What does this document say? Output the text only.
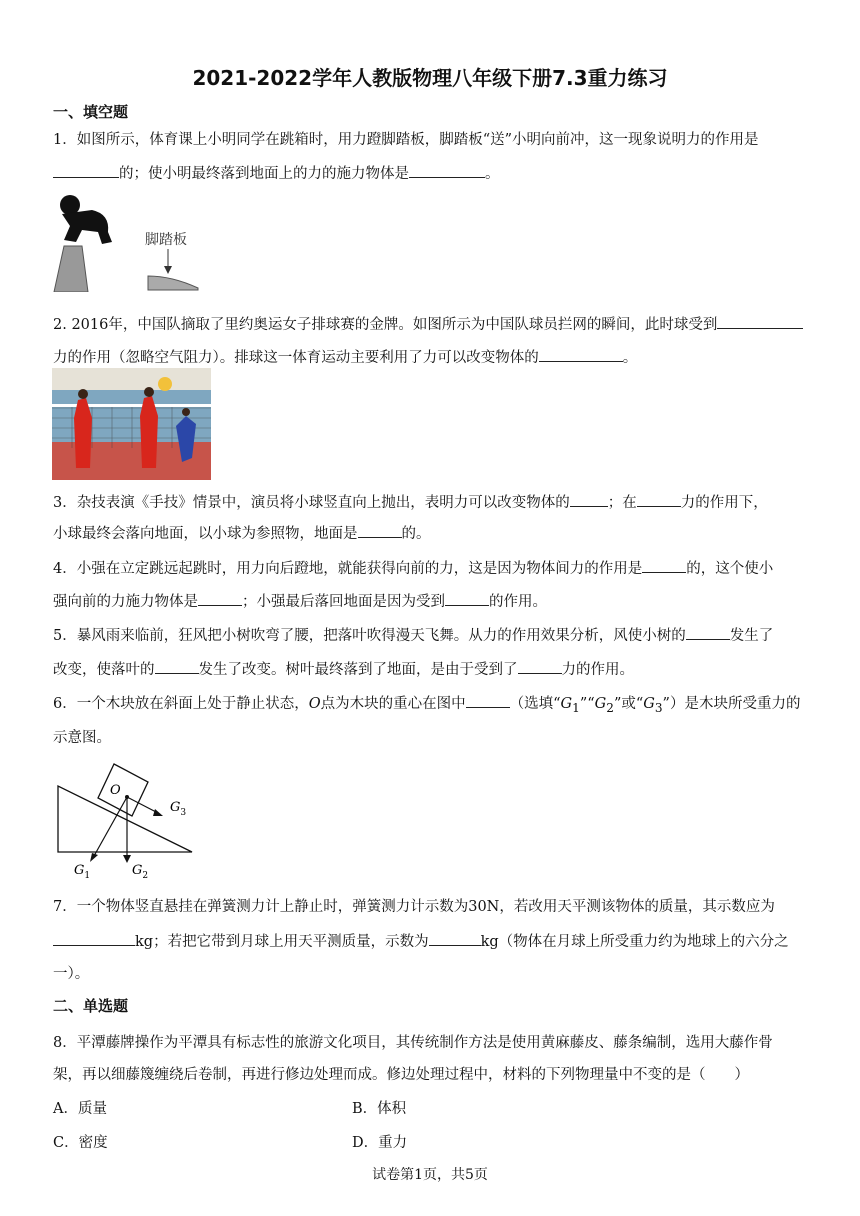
2021-2022学年人教版物理八年级下册7.3重力练习
一、填空题
1．如图所示，体育课上小明同学在跳箱时，用力蹬脚踏板，脚踏板“送”小明向前冲，这一现象说明力的作用是
的；使小明最终落到地面上的力的施力物体是	。
脚踏板
2. 2016年，中国队摘取了里约奥运女子排球赛的金牌。如图所示为中国队球员拦网的瞬间，此时球受到
力的作用（忽略空气阻力）。排球这一体育运动主要利用了力可以改变物体的	。
3．杂技表演《手技》情景中，演员将小球竖直向上抛出，表明力可以改变物体的	；在	力的作用下，
小球最终会落向地面，以小球为参照物，地面是	的。
4．小强在立定跳远起跳时，用力向后蹬地，就能获得向前的力，这是因为物体间力的作用是	的，这个使小
强向前的力施力物体是	；小强最后落回地面是因为受到	的作用。
5．暴风雨来临前，狂风把小树吹弯了腰，把落叶吹得漫天飞舞。从力的作用效果分析，风使小树的	发生了
改变，使落叶的	发生了改变。树叶最终落到了地面，是由于受到了	力的作用。
6．一个木块放在斜面上处于静止状态，O点为木块的重心在图中	（选填“$G_1”“G_2$”或“$G_3$”）是木块所受重力的
示意图。
O
$G_3$
$G_1$	$G_2$
7．一个物体竖直悬挂在弹簧测力计上静止时，弹簧测力计示数为30N，若改用天平测该物体的质量，其示数应为
kg；若把它带到月球上用天平测质量，示数为	kg（物体在月球上所受重力约为地球上的六分之
一）。
二、单选题
8．平潭藤牌操作为平潭具有标志性的旅游文化项目，其传统制作方法是使用黄麻藤皮、藤条编制，选用大藤作骨
架，再以细藤篾缠绕后卷制，再进行修边处理而成。修边处理过程中，材料的下列物理量中不变的是（　　）
A．质量	B．体积
C．密度	D．重力
试卷第1页，共5页
